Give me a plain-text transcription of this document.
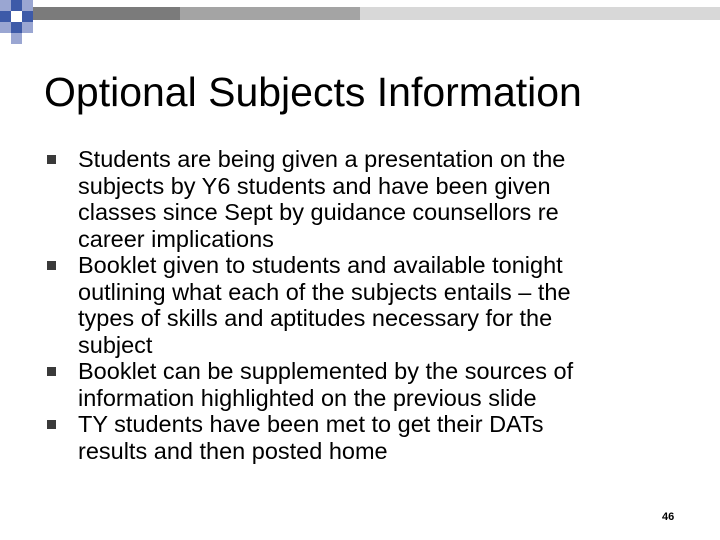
Optional Subjects Information
Students are being given a presentation on the
subjects by Y6 students and have been given
classes since Sept by guidance counsellors re
career implications
Booklet given to students and available tonight
outlining what each of the subjects entails – the
types of skills and aptitudes necessary for the
subject
Booklet can be supplemented by the sources of
information highlighted on the previous slide
TY students have been met to get their DATs
results and then posted home
46
